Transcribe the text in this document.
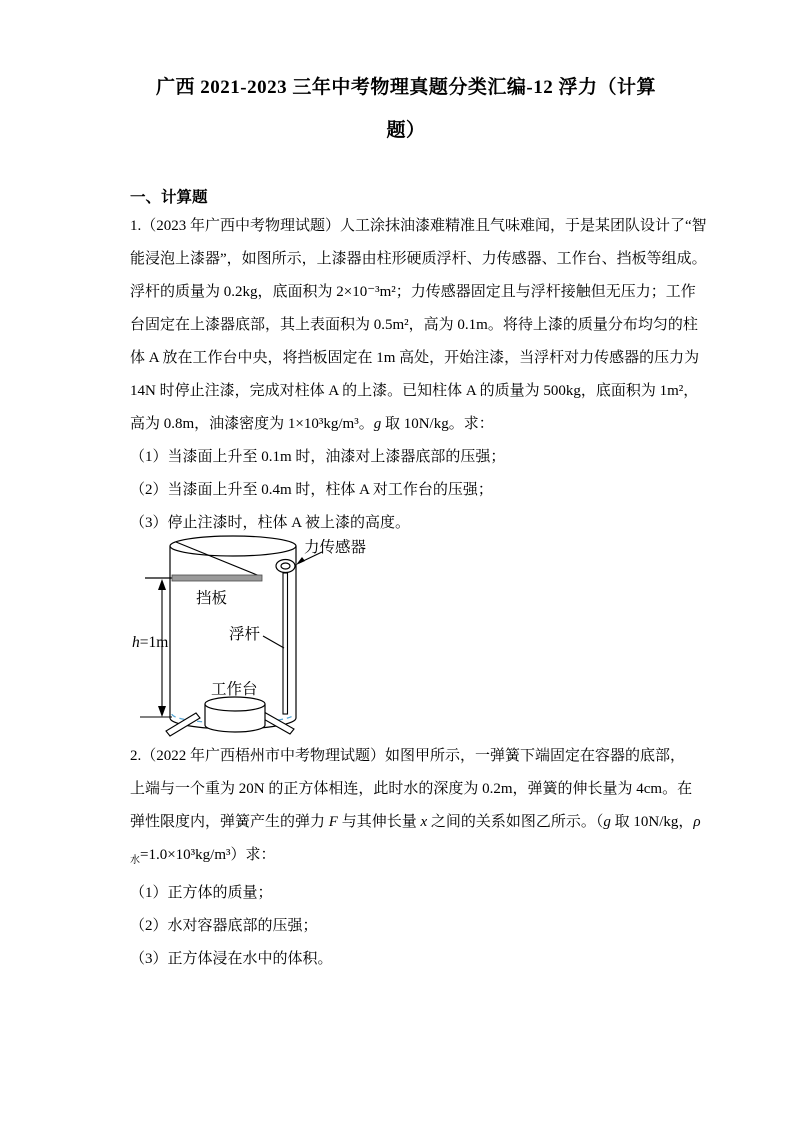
广西 2021-2023 三年中考物理真题分类汇编-12 浮力（计算
题）
一、计算题
1.（2023 年广西中考物理试题）人工涂抹油漆难精准且气味难闻，于是某团队设计了“智
能浸泡上漆器”，如图所示，上漆器由柱形硬质浮杆、力传感器、工作台、挡板等组成。
浮杆的质量为 0.2kg，底面积为 2×10⁻³m²；力传感器固定且与浮杆接触但无压力；工作
台固定在上漆器底部，其上表面积为 0.5m²，高为 0.1m。将待上漆的质量分布均匀的柱
体 A 放在工作台中央，将挡板固定在 1m 高处，开始注漆，当浮杆对力传感器的压力为
14N 时停止注漆，完成对柱体 A 的上漆。已知柱体 A 的质量为 500kg，底面积为 1m²，
高为 0.8m，油漆密度为 1×10³kg/m³。g 取 10N/kg。求：
（1）当漆面上升至 0.1m 时，油漆对上漆器底部的压强；
（2）当漆面上升至 0.4m 时，柱体 A 对工作台的压强；
（3）停止注漆时，柱体 A 被上漆的高度。
力传感器
挡板
h=1m	浮杆
工作台
2.（2022 年广西梧州市中考物理试题）如图甲所示，一弹簧下端固定在容器的底部，
上端与一个重为 20N 的正方体相连，此时水的深度为 0.2m，弹簧的伸长量为 4cm。在
弹性限度内，弹簧产生的弹力 F 与其伸长量 x 之间的关系如图乙所示。（g 取 10N/kg，ρ
$_水$=1.0×10³kg/m³）求：
（1）正方体的质量；
（2）水对容器底部的压强；
（3）正方体浸在水中的体积。
